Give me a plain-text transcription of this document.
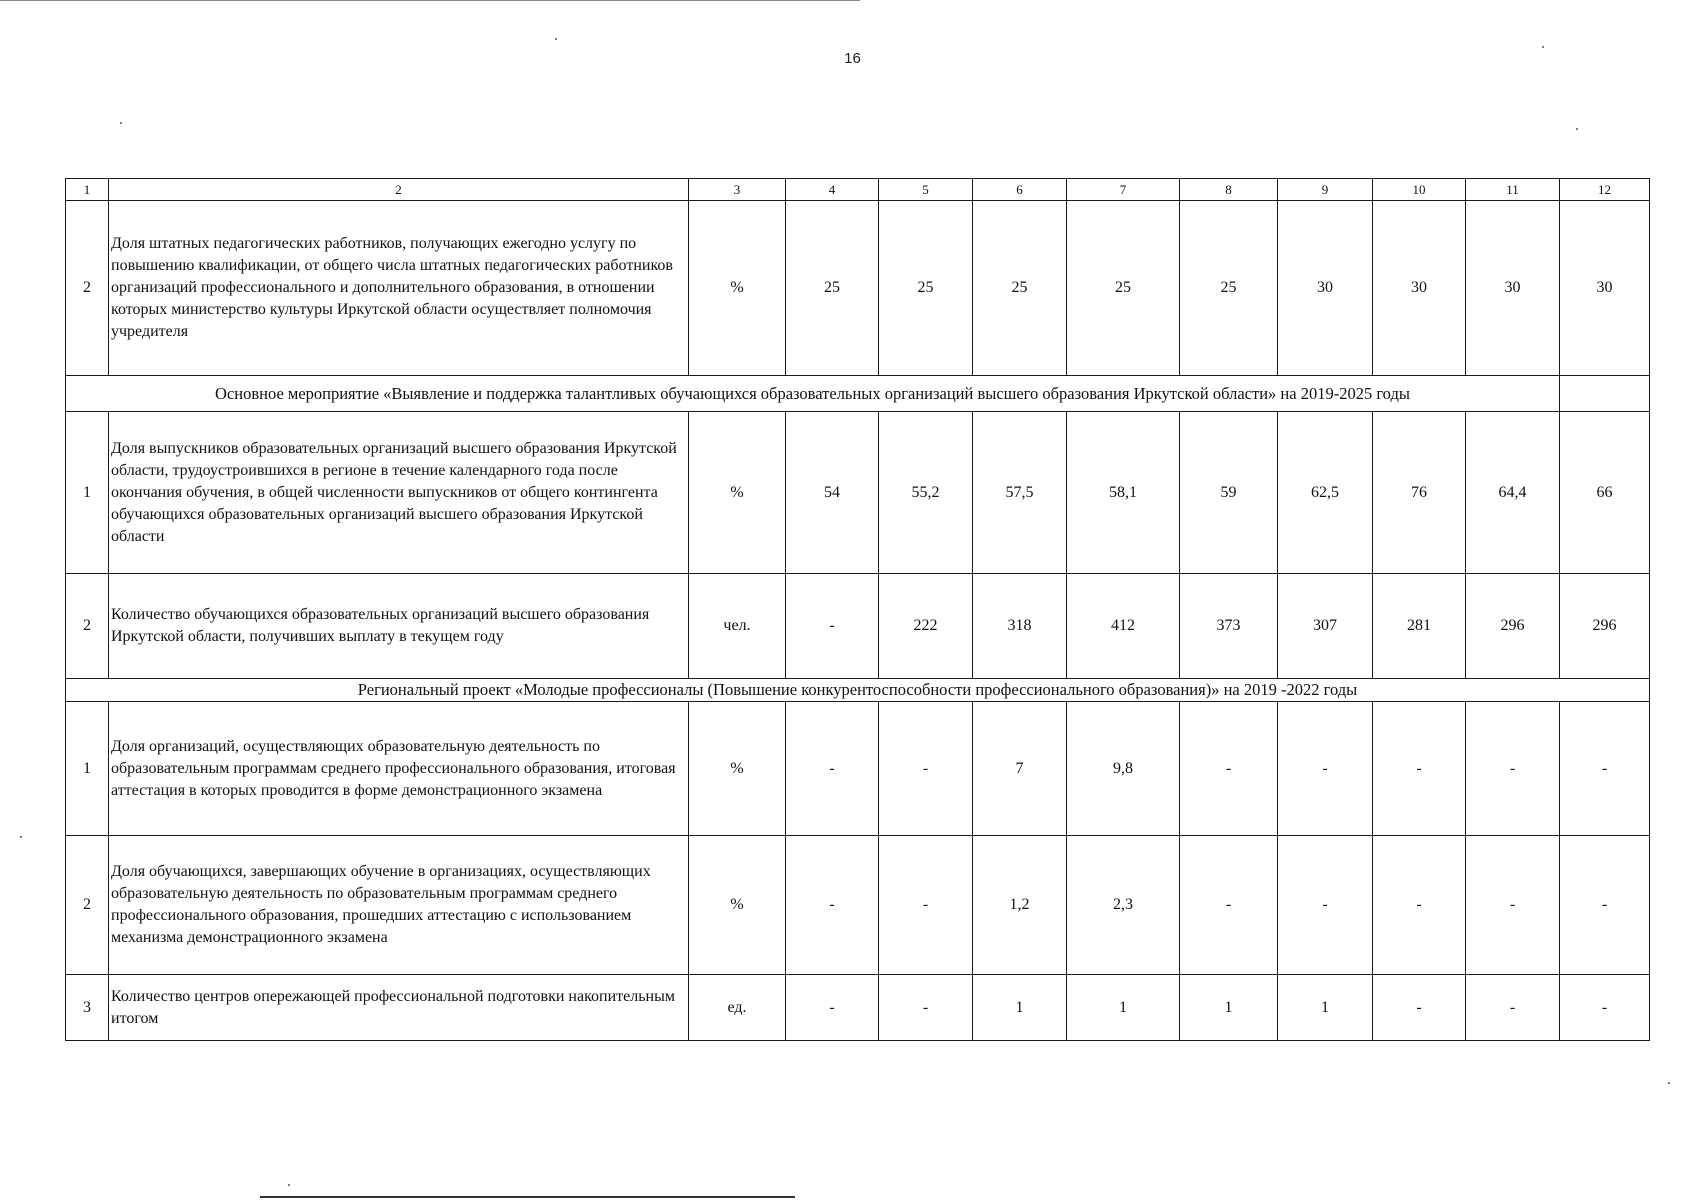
16
1	2	3	4	5	6	7	8	9	10	11	12
2	Доля штатных педагогических работников, получающих ежегодно услугу по повышению квалификации, от общего числа штатных педагогических работников организаций профессионального и дополнительного образования, в отношении которых министерство культуры Иркутской области осуществляет полномочия учредителя	%	25	25	25	25	25	30	30	30	30
Основное мероприятие «Выявление и поддержка талантливых обучающихся образовательных организаций высшего образования Иркутской области» на 2019-2025 годы											
1	Доля выпускников образовательных организаций высшего образования Иркутской области, трудоустроившихся в регионе в течение календарного года после окончания обучения, в общей численности выпускников от общего контингента обучающихся образовательных организаций высшего образования Иркутской области	%	54	55,2	57,5	58,1	59	62,5	76	64,4	66
2	Количество обучающихся образовательных организаций высшего образования Иркутской области, получивших выплату в текущем году	чел.	-	222	318	412	373	307	281	296	296
Региональный проект «Молодые профессионалы (Повышение конкурентоспособности профессионального образования)» на 2019 -2022 годы											
1	Доля организаций, осуществляющих образовательную деятельность по образовательным программам среднего профессионального образования, итоговая аттестация в которых проводится в форме демонстрационного экзамена	%	-	-	7	9,8	-	-	-	-	-
2	Доля обучающихся, завершающих обучение в организациях, осуществляющих образовательную деятельность по образовательным программам среднего профессионального образования, прошедших аттестацию с использованием механизма демонстрационного экзамена	%	-	-	1,2	2,3	-	-	-	-	-
3	Количество центров опережающей профессиональной подготовки накопительным итогом	ед.	-	-	1	1	1	1	-	-	-
